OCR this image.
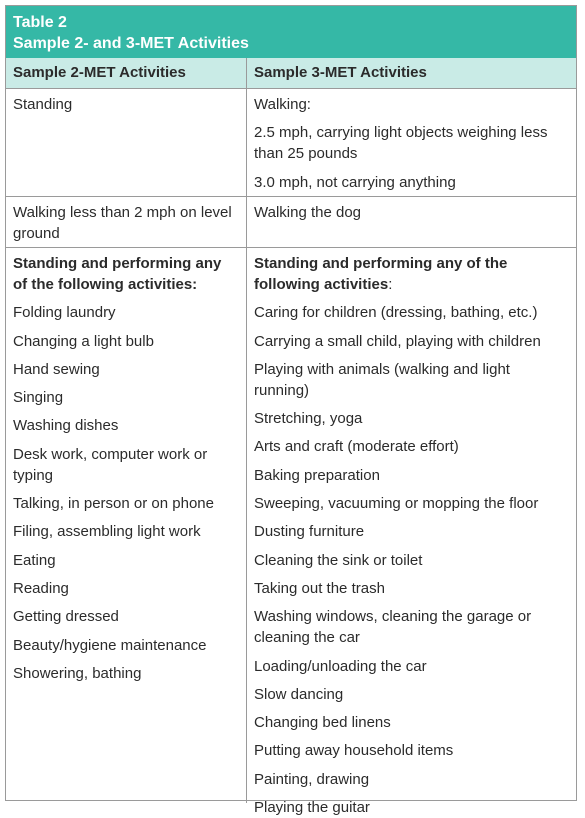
Table 2
Sample 2- and 3-MET Activities
Sample 2-MET Activities	Sample 3-MET Activities
Standing	Walking:
2.5 mph, carrying light objects weighing less than 25 pounds
3.0 mph, not carrying anything
Walking less than 2 mph on level ground
Walking the dog
Standing and performing any of the following activities:
Folding laundry
Changing a light bulb
Hand sewing
Singing
Washing dishes
Desk work, computer work or typing
Talking, in person or on phone
Filing, assembling light work
Eating
Reading
Getting dressed
Beauty/hygiene maintenance
Showering, bathing
Standing and performing any of the following activities:
Caring for children (dressing, bathing, etc.)
Carrying a small child, playing with children
Playing with animals (walking and light running)
Stretching, yoga
Arts and craft (moderate effort)
Baking preparation
Sweeping, vacuuming or mopping the floor
Dusting furniture
Cleaning the sink or toilet
Taking out the trash
Washing windows, cleaning the garage or cleaning the car
Loading/unloading the car
Slow dancing
Changing bed linens
Putting away household items
Painting, drawing
Playing the guitar
